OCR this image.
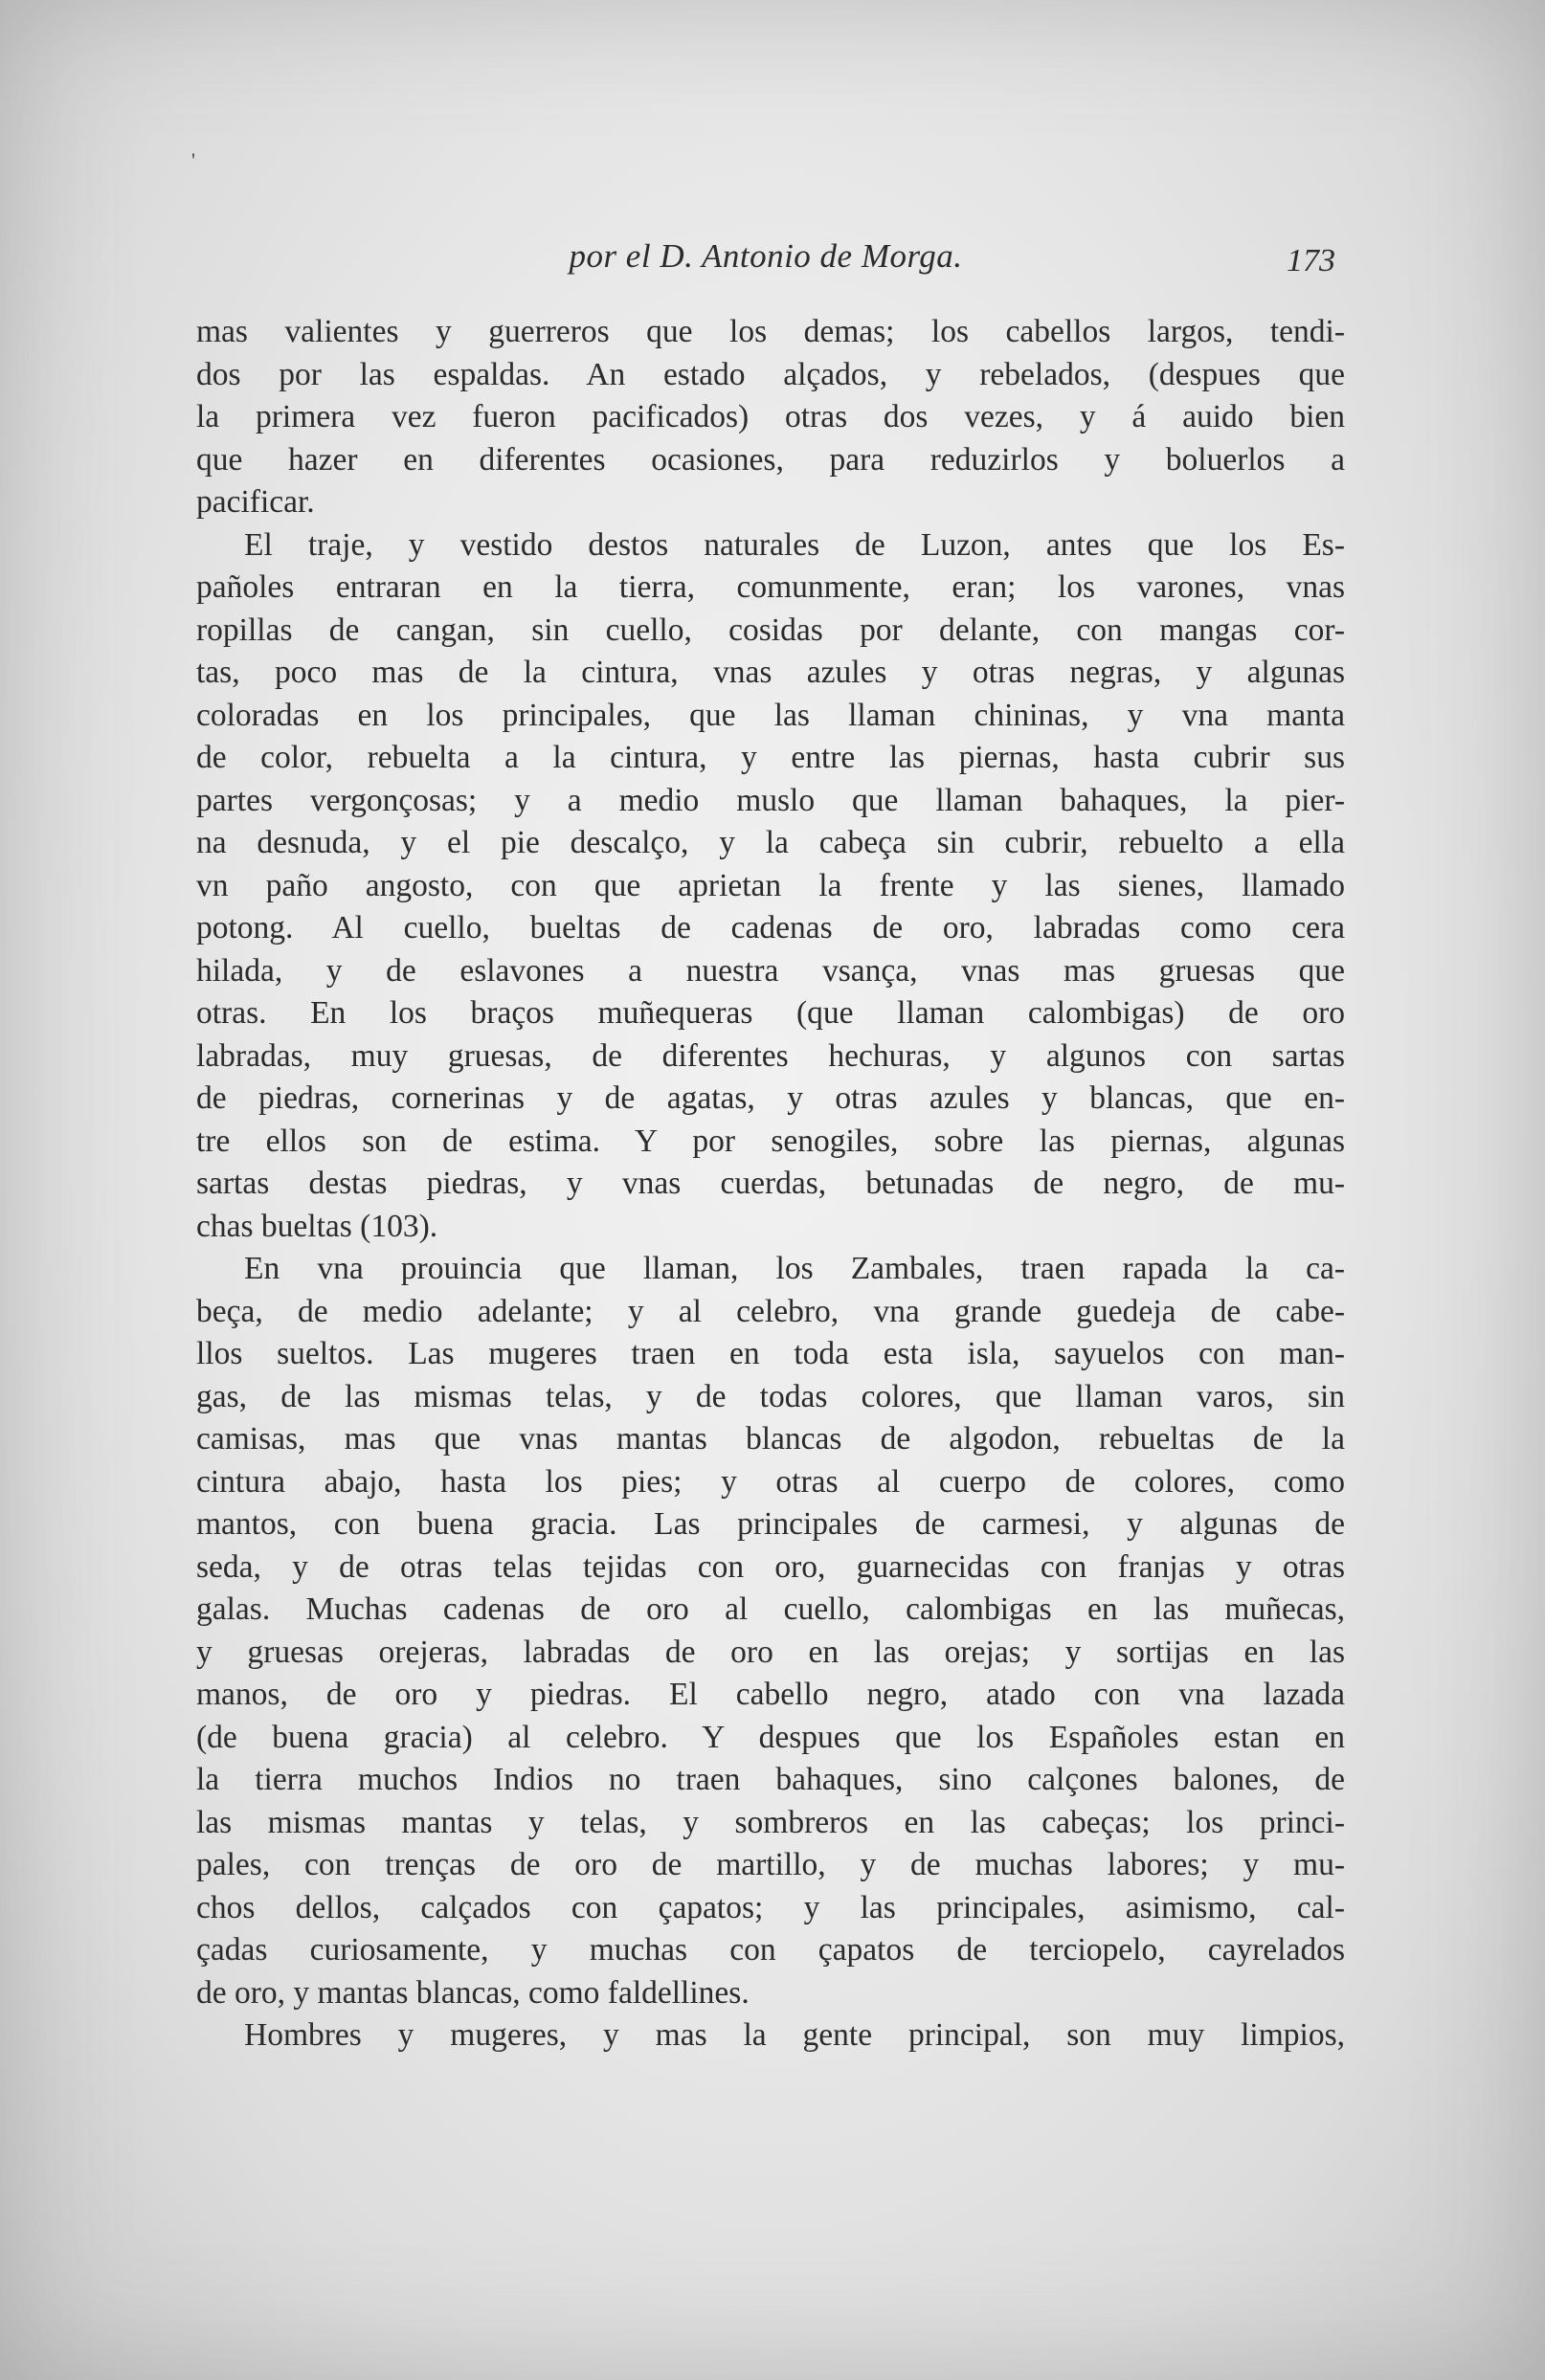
'
por el D. Antonio de Morga.	173
mas valientes y guerreros que los demas; los cabellos largos, tendi-
dos por las espaldas. An estado alçados, y rebelados, (despues que
la primera vez fueron pacificados) otras dos vezes, y á auido bien
que hazer en diferentes ocasiones, para reduzirlos y boluerlos a
pacificar.
El traje, y vestido destos naturales de Luzon, antes que los Es-
pañoles entraran en la tierra, comunmente, eran; los varones, vnas
ropillas de cangan, sin cuello, cosidas por delante, con mangas cor-
tas, poco mas de la cintura, vnas azules y otras negras, y algunas
coloradas en los principales, que las llaman chininas, y vna manta
de color, rebuelta a la cintura, y entre las piernas, hasta cubrir sus
partes vergonçosas; y a medio muslo que llaman bahaques, la pier-
na desnuda, y el pie descalço, y la cabeça sin cubrir, rebuelto a ella
vn paño angosto, con que aprietan la frente y las sienes, llamado
potong. Al cuello, bueltas de cadenas de oro, labradas como cera
hilada, y de eslavones a nuestra vsança, vnas mas gruesas que
otras. En los braços muñequeras (que llaman calombigas) de oro
labradas, muy gruesas, de diferentes hechuras, y algunos con sartas
de piedras, cornerinas y de agatas, y otras azules y blancas, que en-
tre ellos son de estima. Y por senogiles, sobre las piernas, algunas
sartas destas piedras, y vnas cuerdas, betunadas de negro, de mu-
chas bueltas (103).
En vna prouincia que llaman, los Zambales, traen rapada la ca-
beça, de medio adelante; y al celebro, vna grande guedeja de cabe-
llos sueltos. Las mugeres traen en toda esta isla, sayuelos con man-
gas, de las mismas telas, y de todas colores, que llaman varos, sin
camisas, mas que vnas mantas blancas de algodon, rebueltas de la
cintura abajo, hasta los pies; y otras al cuerpo de colores, como
mantos, con buena gracia. Las principales de carmesi, y algunas de
seda, y de otras telas tejidas con oro, guarnecidas con franjas y otras
galas. Muchas cadenas de oro al cuello, calombigas en las muñecas,
y gruesas orejeras, labradas de oro en las orejas; y sortijas en las
manos, de oro y piedras. El cabello negro, atado con vna lazada
(de buena gracia) al celebro. Y despues que los Españoles estan en
la tierra muchos Indios no traen bahaques, sino calçones balones, de
las mismas mantas y telas, y sombreros en las cabeças; los princi-
pales, con trenças de oro de martillo, y de muchas labores; y mu-
chos dellos, calçados con çapatos; y las principales, asimismo, cal-
çadas curiosamente, y muchas con çapatos de terciopelo, cayrelados
de oro, y mantas blancas, como faldellines.
Hombres y mugeres, y mas la gente principal, son muy limpios,
